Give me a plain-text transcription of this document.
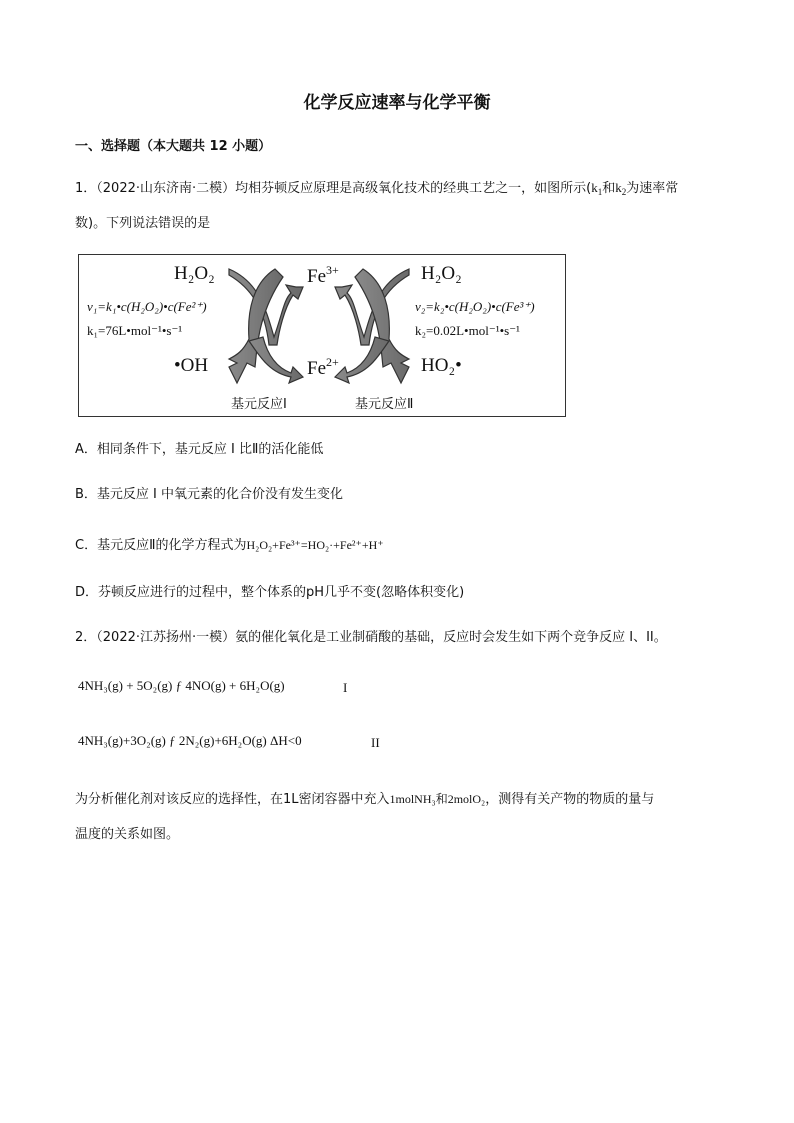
化学反应速率与化学平衡
一、选择题（本大题共 12 小题）
1．（2022·山东济南·二模）均相芬顿反应原理是高级氧化技术的经典工艺之一，如图所示($k_1$和$k_2$为速率常
数)。下列说法错误的是
H₂O₂	$Fe^{3+}$	H₂O₂
v₁=k₁•c(H₂O₂)•c(Fe²⁺)
k₁=76L•mol⁻¹•s⁻¹
v₂=k₂•c(H₂O₂)•c(Fe³⁺)
k₂=0.02L•mol⁻¹•s⁻¹
•OH	$Fe^{2+}$	HO₂•
基元反应I	基元反应Ⅱ
A．相同条件下，基元反应 I 比Ⅱ的活化能低
B．基元反应 I 中氧元素的化合价没有发生变化
C．基元反应Ⅱ的化学方程式为H₂O₂+Fe³⁺=HO₂·+Fe²⁺+H⁺
D．芬顿反应进行的过程中，整个体系的pH几乎不变(忽略体积变化)
2．（2022·江苏扬州·一模）氨的催化氧化是工业制硝酸的基础，反应时会发生如下两个竞争反应 I、II。
4NH₃(g) + 5O₂(g) ƒ 4NO(g) + 6H₂O(g)	I
4NH₃(g)+3O₂(g) ƒ 2N₂(g)+6H₂O(g) ΔH<0	II
为分析催化剂对该反应的选择性，在1L密闭容器中充入1molNH₃和2molO₂，测得有关产物的物质的量与
温度的关系如图。
